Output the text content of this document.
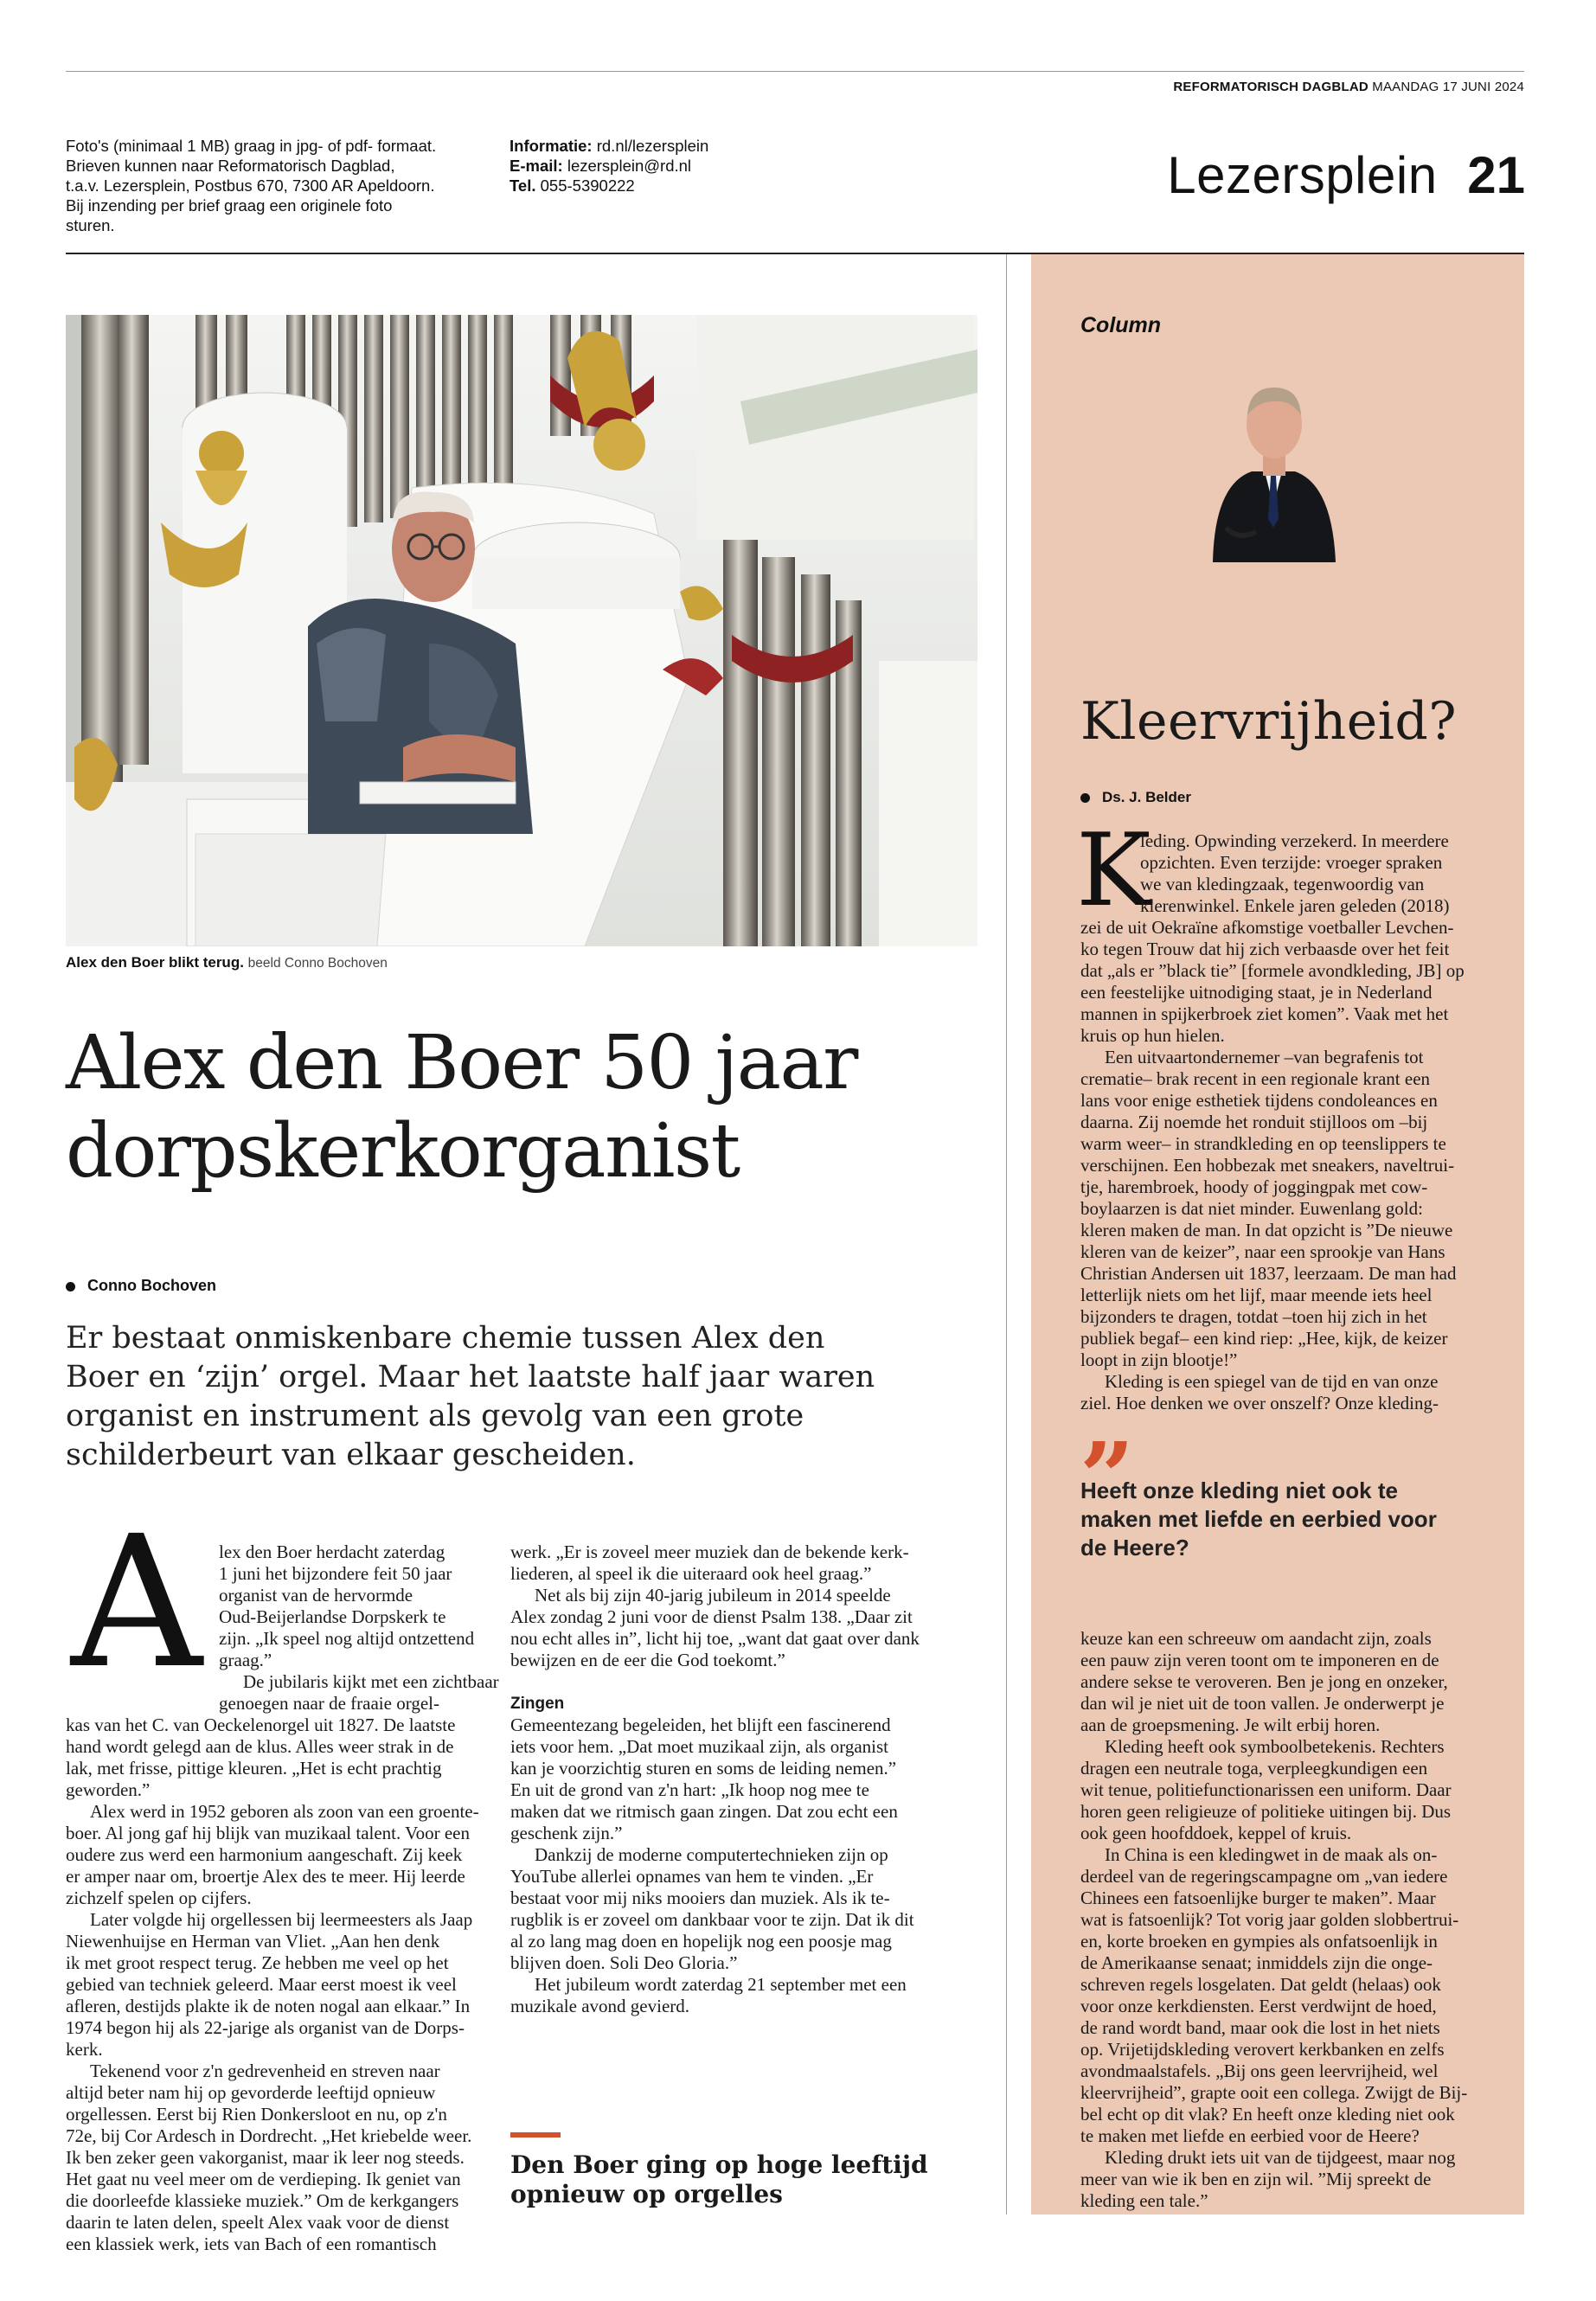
REFORMATORISCH DAGBLAD MAANDAG 17 JUNI 2024
Foto's (minimaal 1 MB) graag in jpg- of pdf- formaat.
Brieven kunnen naar Reformatorisch Dagblad,
t.a.v. Lezersplein, Postbus 670, 7300 AR Apeldoorn.
Bij inzending per brief graag een originele foto
sturen.
Informatie: rd.nl/lezersplein
E-mail: lezersplein@rd.nl
Tel. 055-5390222	Lezersplein 21
Alex den Boer blikt terug. beeld Conno Bochoven
Alex den Boer 50 jaar
dorpskerkorganist
Conno Bochoven
Er bestaat onmiskenbare chemie tussen Alex den
Boer en ‘zijn’ orgel. Maar het laatste half jaar waren
organist en instrument als gevolg van een grote
schilderbeurt van elkaar gescheiden.
A lex den Boer herdacht zaterdag
1 juni het bijzondere feit 50 jaar
organist van de hervormde
Oud-Beijerlandse Dorpskerk te
zijn. „Ik speel nog altijd ontzettend
graag.”
De jubilaris kijkt met een zichtbaar
genoegen naar de fraaie orgel-
kas van het C. van Oeckelenorgel uit 1827. De laatste
hand wordt gelegd aan de klus. Alles weer strak in de
lak, met frisse, pittige kleuren. „Het is echt prachtig
geworden.”
Alex werd in 1952 geboren als zoon van een groente-
boer. Al jong gaf hij blijk van muzikaal talent. Voor een
oudere zus werd een harmonium aangeschaft. Zij keek
er amper naar om, broertje Alex des te meer. Hij leerde
zichzelf spelen op cijfers.
Later volgde hij orgellessen bij leermeesters als Jaap
Niewenhuijse en Herman van Vliet. „Aan hen denk
ik met groot respect terug. Ze hebben me veel op het
gebied van techniek geleerd. Maar eerst moest ik veel
afleren, destijds plakte ik de noten nogal aan elkaar.” In
1974 begon hij als 22-jarige als organist van de Dorps-
kerk.
Tekenend voor z'n gedrevenheid en streven naar
altijd beter nam hij op gevorderde leeftijd opnieuw
orgellessen. Eerst bij Rien Donkersloot en nu, op z'n
72e, bij Cor Ardesch in Dordrecht. „Het kriebelde weer.
Ik ben zeker geen vakorganist, maar ik leer nog steeds.
Het gaat nu veel meer om de verdieping. Ik geniet van
die doorleefde klassieke muziek.” Om de kerkgangers
daarin te laten delen, speelt Alex vaak voor de dienst
een klassiek werk, iets van Bach of een romantisch
werk. „Er is zoveel meer muziek dan de bekende kerk-
liederen, al speel ik die uiteraard ook heel graag.”
Net als bij zijn 40-jarig jubileum in 2014 speelde
Alex zondag 2 juni voor de dienst Psalm 138. „Daar zit
nou echt alles in”, licht hij toe, „want dat gaat over dank
bewijzen en de eer die God toekomt.”
Zingen
Gemeentezang begeleiden, het blijft een fascinerend
iets voor hem. „Dat moet muzikaal zijn, als organist
kan je voorzichtig sturen en soms de leiding nemen.”
En uit de grond van z'n hart: „Ik hoop nog mee te
maken dat we ritmisch gaan zingen. Dat zou echt een
geschenk zijn.”
Dankzij de moderne computertechnieken zijn op
YouTube allerlei opnames van hem te vinden. „Er
bestaat voor mij niks mooiers dan muziek. Als ik te-
rugblik is er zoveel om dankbaar voor te zijn. Dat ik dit
al zo lang mag doen en hopelijk nog een poosje mag
blijven doen. Soli Deo Gloria.”
Het jubileum wordt zaterdag 21 september met een
muzikale avond gevierd.
Den Boer ging op hoge leeftijd
opnieuw op orgelles
Column
Kleervrijheid?
Ds. J. Belder
K
leding. Opwinding verzekerd. In meerdere
opzichten. Even terzijde: vroeger spraken
we van kledingzaak, tegenwoordig van
klerenwinkel. Enkele jaren geleden (2018)
zei de uit Oekraïne afkomstige voetballer Levchen-
ko tegen Trouw dat hij zich verbaasde over het feit
dat „als er ”black tie” [formele avondkleding, JB] op
een feestelijke uitnodiging staat, je in Nederland
mannen in spijkerbroek ziet komen”. Vaak met het
kruis op hun hielen.
Een uitvaartondernemer –van begrafenis tot
crematie– brak recent in een regionale krant een
lans voor enige esthetiek tijdens condoleances en
daarna. Zij noemde het ronduit stijlloos om –bij
warm weer– in strandkleding en op teenslippers te
verschijnen. Een hobbezak met sneakers, naveltrui-
tje, harembroek, hoody of joggingpak met cow-
boylaarzen is dat niet minder. Euwenlang gold:
kleren maken de man. In dat opzicht is ”De nieuwe
kleren van de keizer”, naar een sprookje van Hans
Christian Andersen uit 1837, leerzaam. De man had
letterlijk niets om het lijf, maar meende iets heel
bijzonders te dragen, totdat –toen hij zich in het
publiek begaf– een kind riep: „Hee, kijk, de keizer
loopt in zijn blootje!”
Kleding is een spiegel van de tijd en van onze
ziel. Hoe denken we over onszelf? Onze kleding-
„
Heeft onze kleding niet ook te
maken met liefde en eerbied voor
de Heere?
keuze kan een schreeuw om aandacht zijn, zoals
een pauw zijn veren toont om te imponeren en de
andere sekse te veroveren. Ben je jong en onzeker,
dan wil je niet uit de toon vallen. Je onderwerpt je
aan de groepsmening. Je wilt erbij horen.
Kleding heeft ook symboolbetekenis. Rechters
dragen een neutrale toga, verpleegkundigen een
wit tenue, politiefunctionarissen een uniform. Daar
horen geen religieuze of politieke uitingen bij. Dus
ook geen hoofddoek, keppel of kruis.
In China is een kledingwet in de maak als on-
derdeel van de regeringscampagne om „van iedere
Chinees een fatsoenlijke burger te maken”. Maar
wat is fatsoenlijk? Tot vorig jaar golden slobbertrui-
en, korte broeken en gympies als onfatsoenlijk in
de Amerikaanse senaat; inmiddels zijn die onge-
schreven regels losgelaten. Dat geldt (helaas) ook
voor onze kerkdiensten. Eerst verdwijnt de hoed,
de rand wordt band, maar ook die lost in het niets
op. Vrijetijdskleding verovert kerkbanken en zelfs
avondmaalstafels. „Bij ons geen leervrijheid, wel
kleervrijheid”, grapte ooit een collega. Zwijgt de Bij-
bel echt op dit vlak? En heeft onze kleding niet ook
te maken met liefde en eerbied voor de Heere?
Kleding drukt iets uit van de tijdgeest, maar nog
meer van wie ik ben en zijn wil. ”Mij spreekt de
kleding een tale.”
